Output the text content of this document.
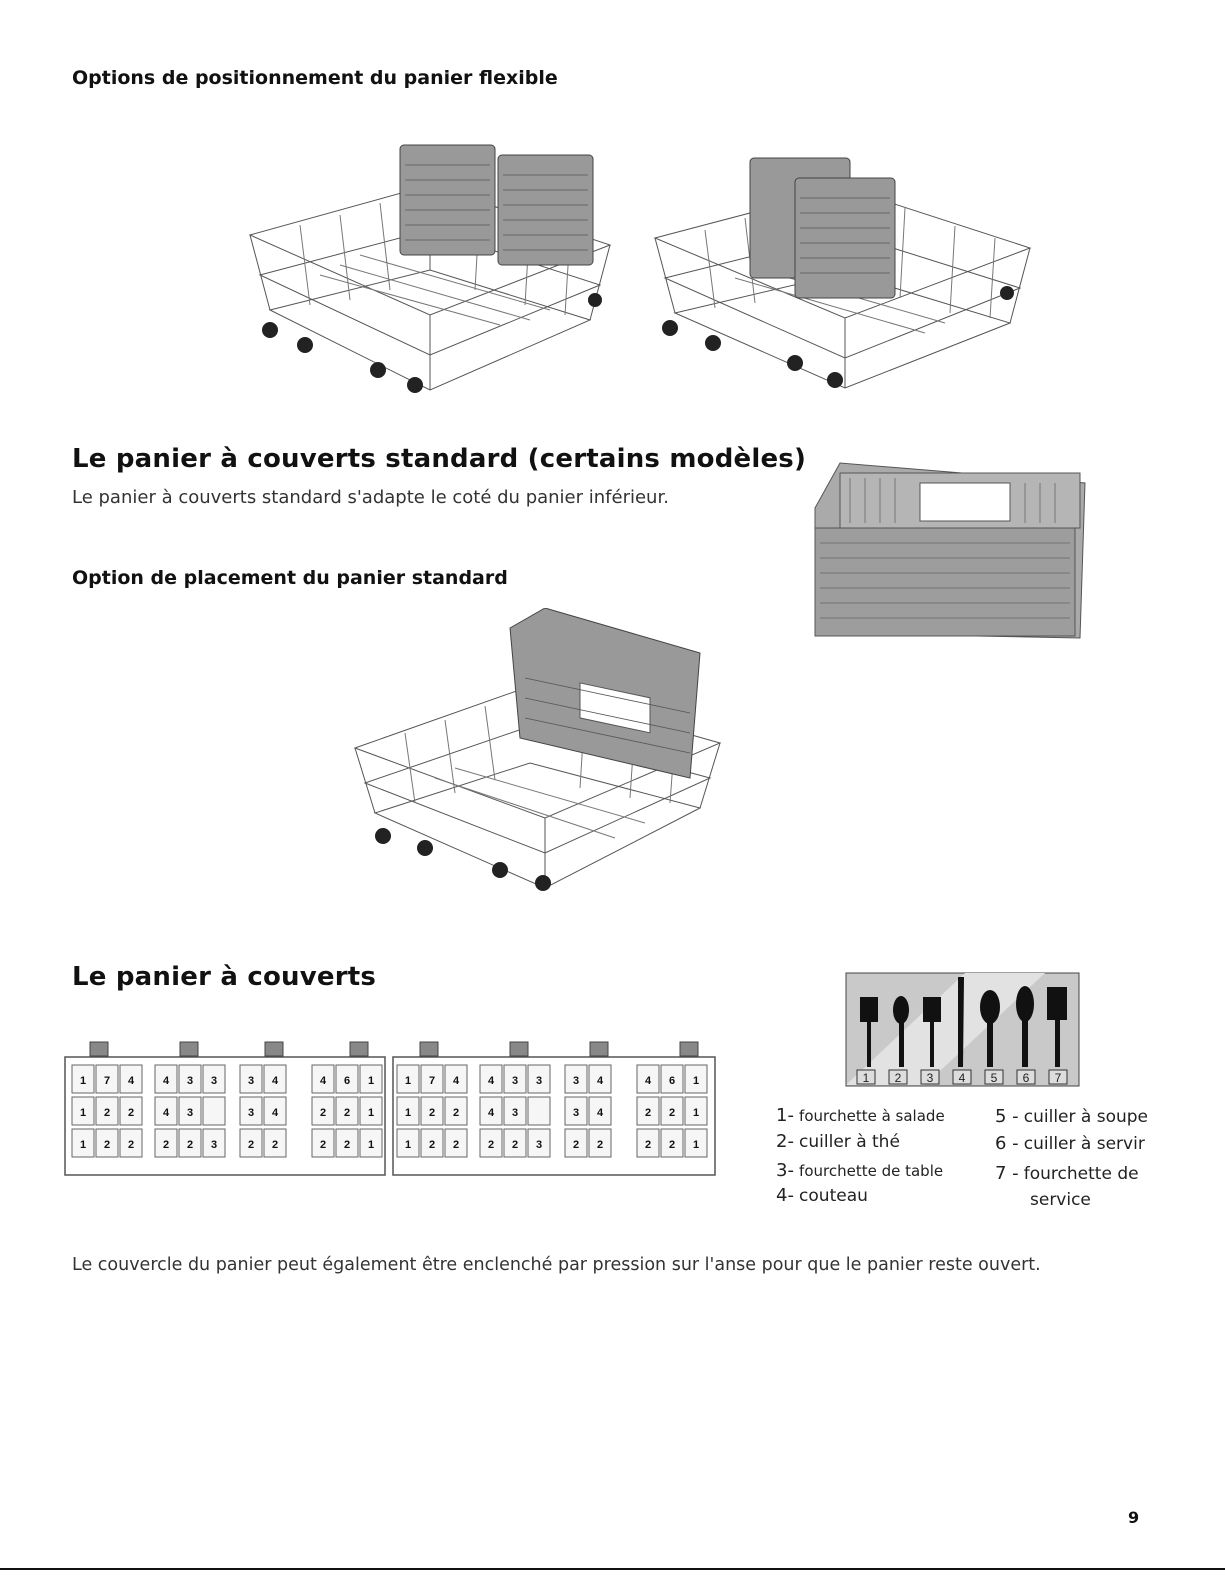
Options de positionnement du panier flexible
Le panier à couverts standard (certains modèles)
Le panier à couverts standard s'adapte le coté du panier inférieur.
Option de placement du panier standard
Le panier à couverts
1 7 4	4 3 3	3 4	4 6 1	1 7 4	4 3 3	3 4	4 6 1
1 2 2	4 3	3 4	2 2 1	1 2 2	4 3	3 4	2 2 1
1 2 2	2 2 3	2 2	2 2 1	1 2 2	2 2 3	2 2	2 2 1
1 2 3 4 5 6 7
1- fourchette à salade
2- cuiller à thé
3- fourchette de table
4- couteau
5 - cuiller à soupe
6 - cuiller à servir
7 - fourchette de
service
Le couvercle du panier peut également être enclenché par pression sur l'anse pour que le panier reste ouvert.
9
